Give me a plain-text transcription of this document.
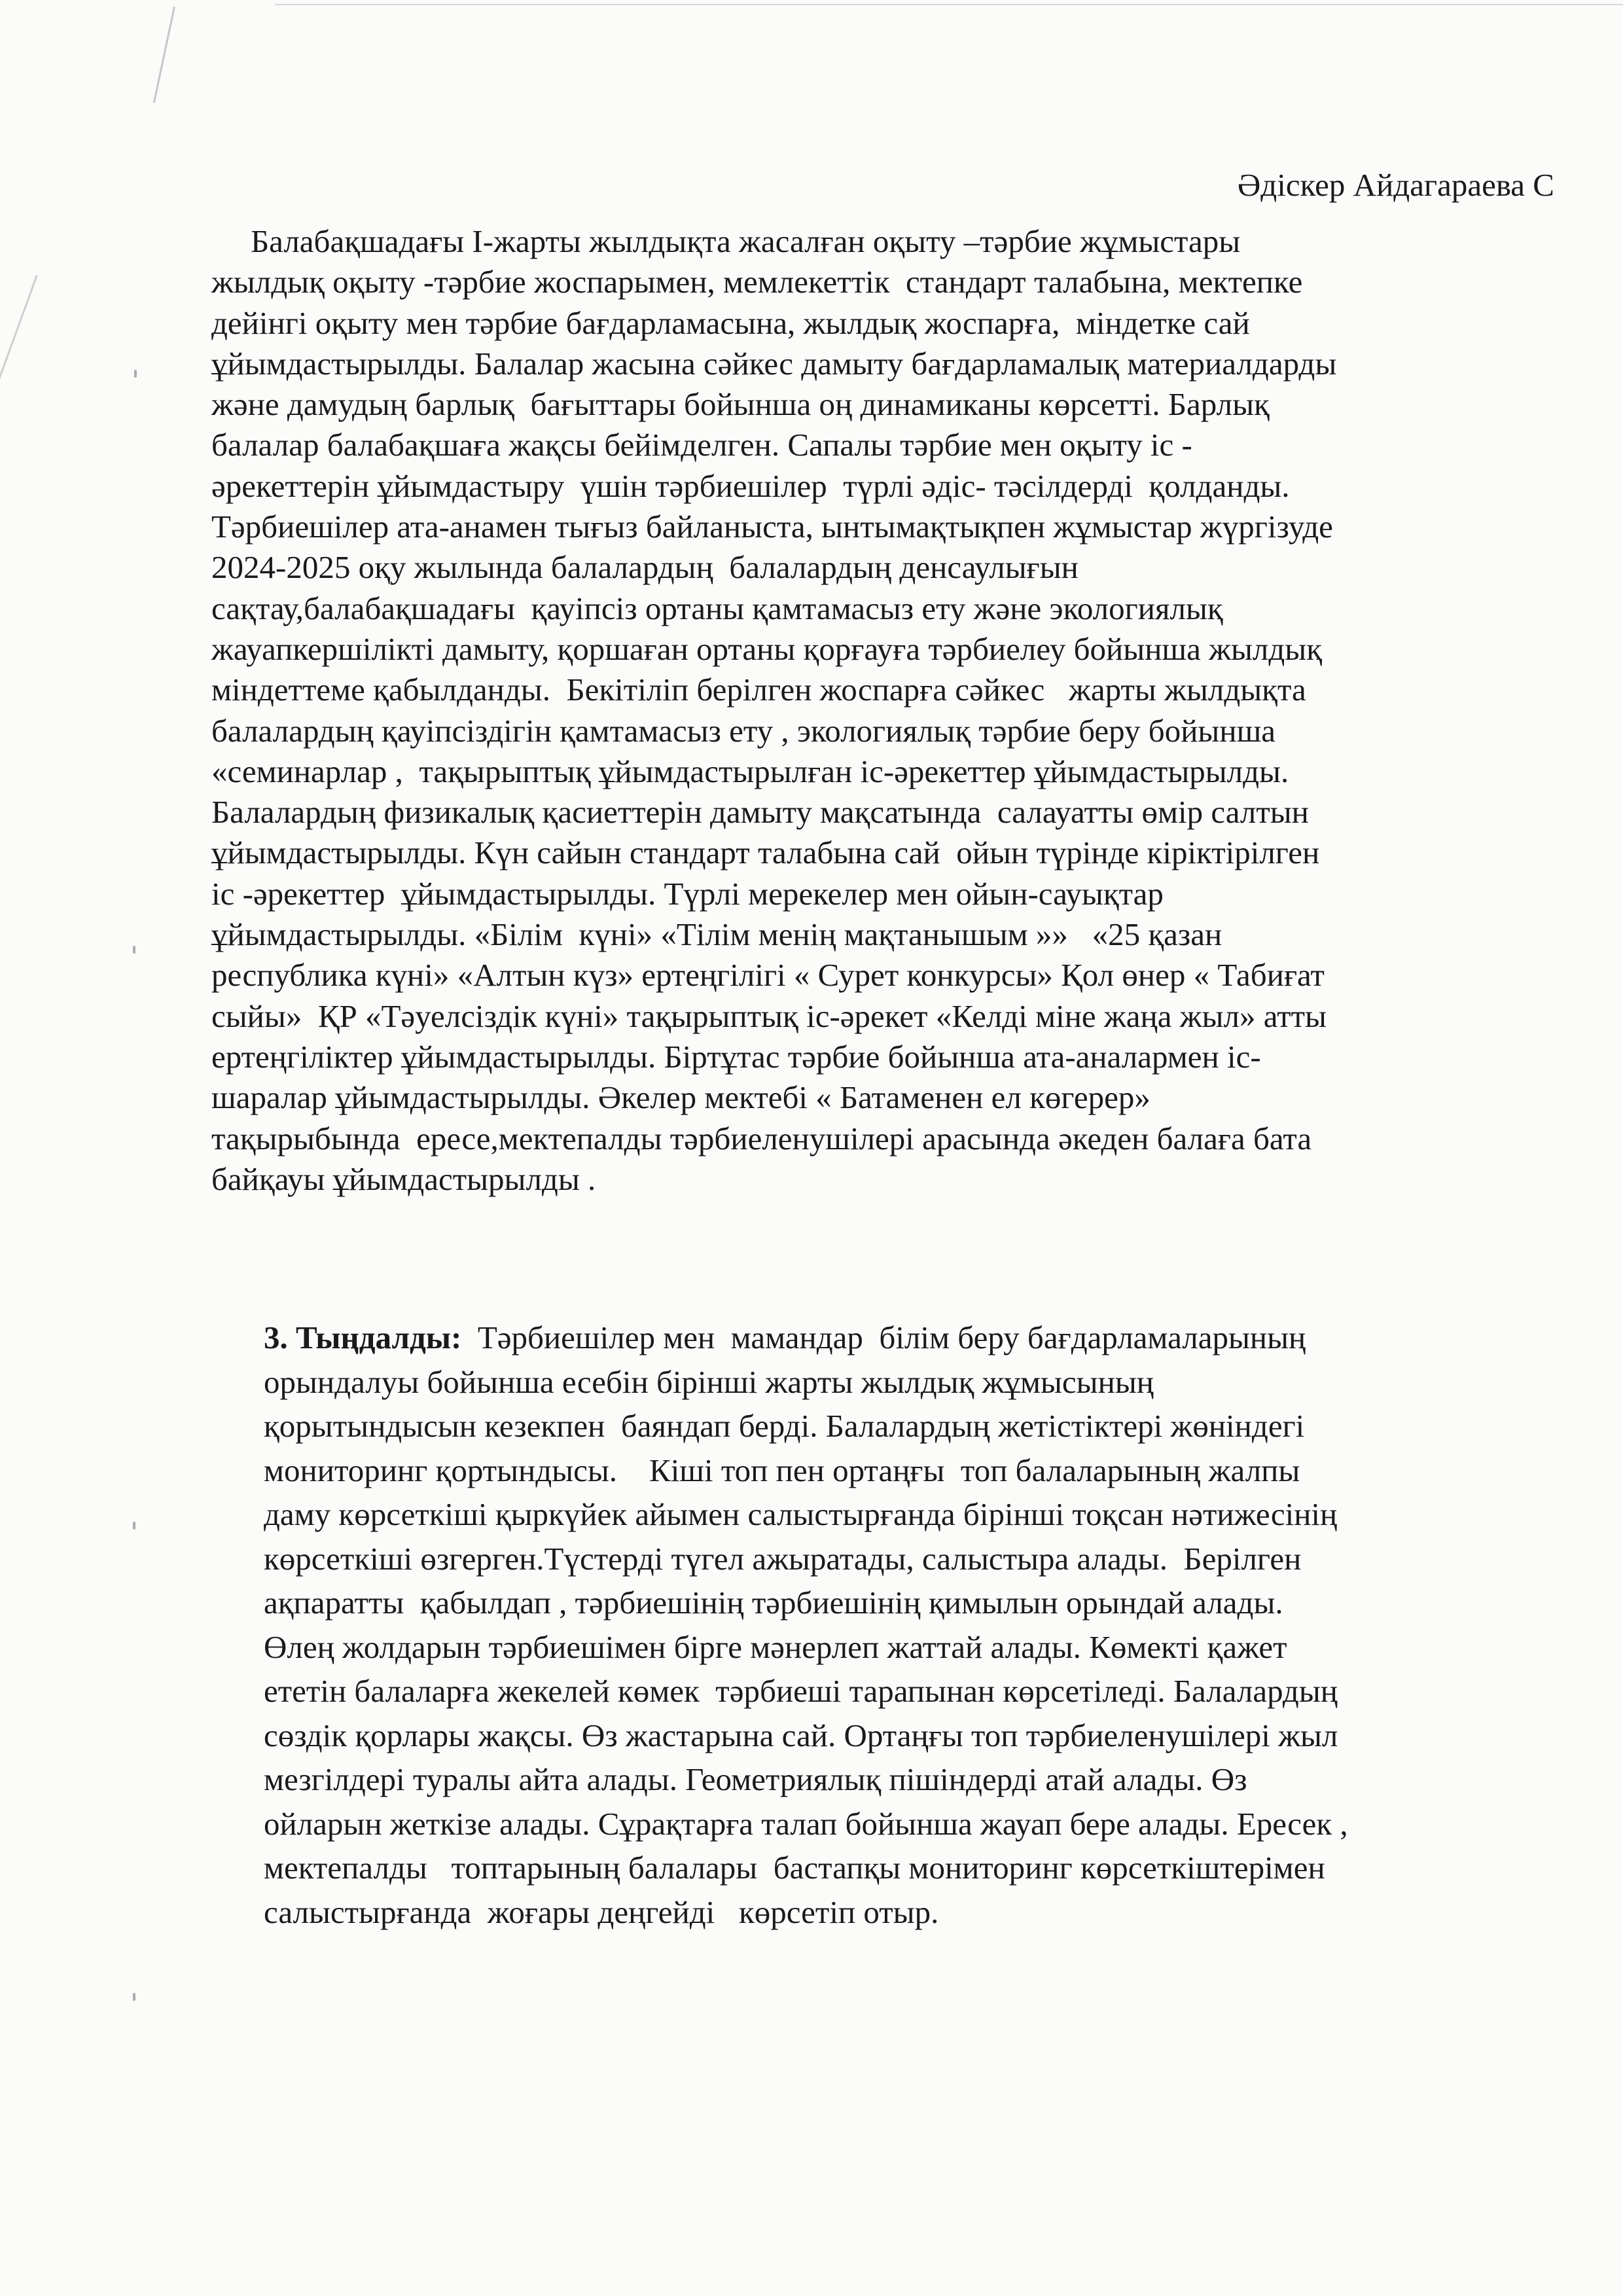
Әдіскер Айдагараева С
Балабақшадағы І-жарты жылдықта жасалған оқыту –тәрбие жұмыстары
жылдық оқыту -тәрбие жоспарымен, мемлекеттік  стандарт талабына, мектепке
дейінгі оқыту мен тәрбие бағдарламасына, жылдық жоспарға,  міндетке сай
ұйымдастырылды. Балалар жасына сәйкес дамыту бағдарламалық материалдарды
және дамудың барлық  бағыттары бойынша оң динамиканы көрсетті. Барлық
балалар балабақшаға жақсы бейімделген. Сапалы тәрбие мен оқыту іс -
әрекеттерін ұйымдастыру  үшін тәрбиешілер  түрлі әдіс- тәсілдерді  қолданды.
Тәрбиешілер ата-анамен тығыз байланыста, ынтымақтықпен жұмыстар жүргізуде
2024-2025 оқу жылында балалардың  балалардың денсаулығын
сақтау,балабақшадағы  қауіпсіз ортаны қамтамасыз ету және экологиялық
жауапкершілікті дамыту, қоршаған ортаны қорғауға тәрбиелеу бойынша жылдық
міндеттеме қабылданды.  Бекітіліп берілген жоспарға сәйкес   жарты жылдықта
балалардың қауіпсіздігін қамтамасыз ету , экологиялық тәрбие беру бойынша
«семинарлар ,  тақырыптық ұйымдастырылған іс-әрекеттер ұйымдастырылды.
Балалардың физикалық қасиеттерін дамыту мақсатында  салауатты өмір салтын
ұйымдастырылды. Күн сайын стандарт талабына сай  ойын түрінде кіріктірілген
іс -әрекеттер  ұйымдастырылды. Түрлі мерекелер мен ойын-сауықтар
ұйымдастырылды. «Білім  күні» «Тілім менің мақтанышым »»   «25 қазан
республика күні» «Алтын күз» ертеңгілігі « Сурет конкурсы» Қол өнер « Табиғат
сыйы»  ҚР «Тәуелсіздік күні» тақырыптық іс-әрекет «Келді міне жаңа жыл» атты
ертеңгіліктер ұйымдастырылды. Біртұтас тәрбие бойынша ата-аналармен іс-
шаралар ұйымдастырылды. Әкелер мектебі « Батаменен ел көгерер»
тақырыбында  ересе,мектепалды тәрбиеленушілері арасында әкеден балаға бата
байқауы ұйымдастырылды .
3. Тыңдалды:  Тәрбиешілер мен  мамандар  білім беру бағдарламаларының
орындалуы бойынша есебін бірінші жарты жылдық жұмысының
қорытындысын кезекпен  баяндап берді. Балалардың жетістіктері жөніндегі
мониторинг қортындысы.    Кіші топ пен ортаңғы  топ балаларының жалпы
даму көрсеткіші қыркүйек айымен салыстырғанда бірінші тоқсан нәтижесінің
көрсеткіші өзгерген.Түстерді түгел ажыратады, салыстыра алады.  Берілген
ақпаратты  қабылдап , тәрбиешінің тәрбиешінің қимылын орындай алады.
Өлең жолдарын тәрбиешімен бірге мәнерлеп жаттай алады. Көмекті қажет
ететін балаларға жекелей көмек  тәрбиеші тарапынан көрсетіледі. Балалардың
сөздік қорлары жақсы. Өз жастарына сай. Ортаңғы топ тәрбиеленушілері жыл
мезгілдері туралы айта алады. Геометриялық пішіндерді атай алады. Өз
ойларын жеткізе алады. Сұрақтарға талап бойынша жауап бере алады. Ересек ,
мектепалды   топтарының балалары  бастапқы мониторинг көрсеткіштерімен
салыстырғанда  жоғары деңгейді   көрсетіп отыр.
